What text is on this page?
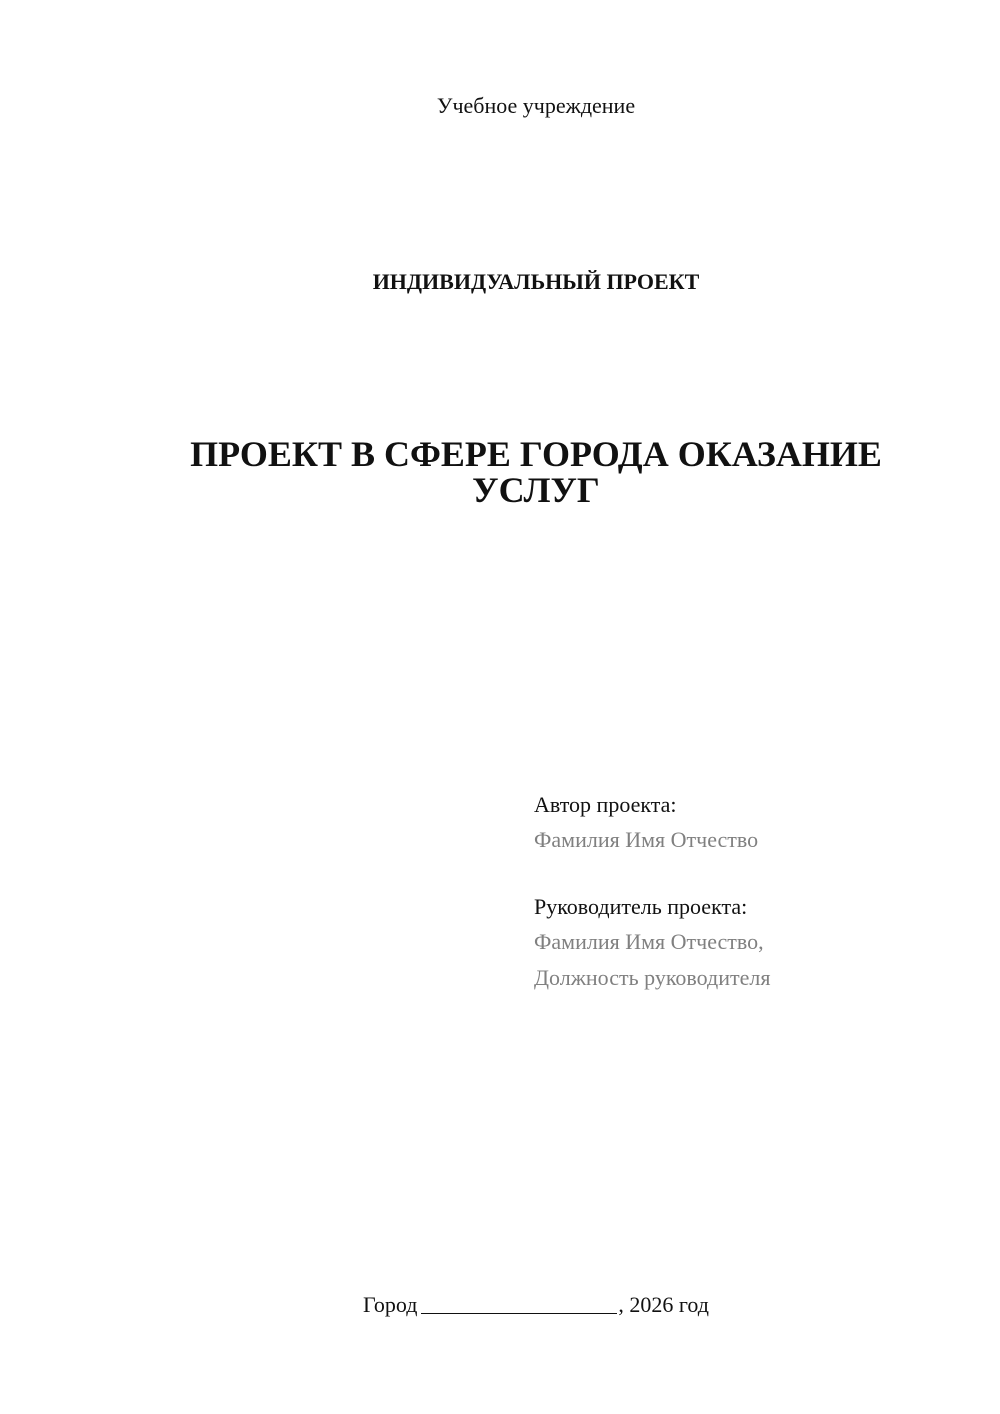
Учебное учреждение
ИНДИВИДУАЛЬНЫЙ ПРОЕКТ
ПРОЕКТ В СФЕРЕ ГОРОДА ОКАЗАНИЕ
УСЛУГ
Автор проекта:
Фамилия Имя Отчество
Руководитель проекта:
Фамилия Имя Отчество,
Должность руководителя
Город	, 2026 год
